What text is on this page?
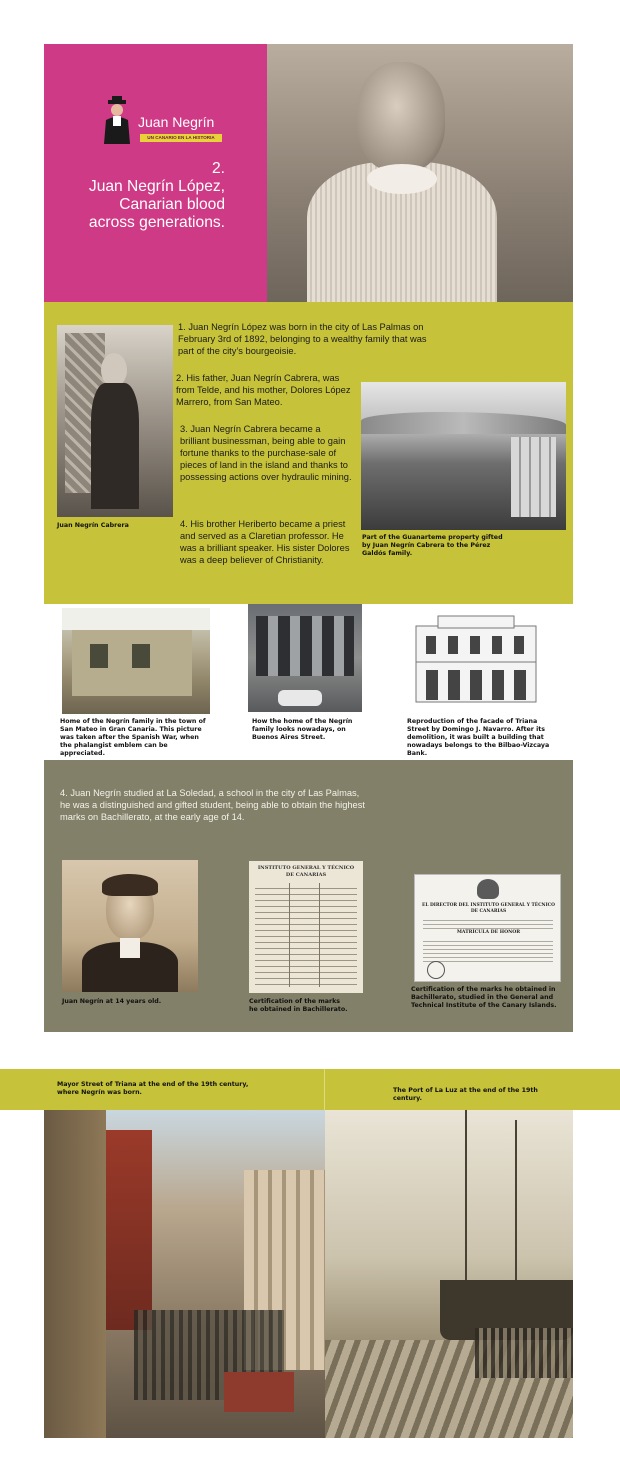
Juan Negrín
UN CANARIO EN LA HISTORIA
2.
Juan Negrín López,
Canarian blood
across generations.
Juan Negrín Cabrera
1. Juan Negrín López was born in the city of Las Palmas on February 3rd of 1892, belonging to a wealthy family that was part of the city’s bourgeoisie.
2. His father, Juan Negrín Cabrera, was from Telde, and his mother, Dolores López Marrero, from San Mateo.
3. Juan Negrín Cabrera became a brilliant businessman, being able to gain fortune thanks to the purchase-sale of pieces of land in the island and thanks to possessing actions over hydraulic mining.
4. His brother Heriberto became a priest and served as a Claretian professor. He was a brilliant speaker. His sister Dolores was a deep believer of Christianity.
Part of the Guanarteme property gifted by Juan Negrín Cabrera to the Pérez Galdós family.
Home of the Negrín family in the town of San Mateo in Gran Canaria. This picture was taken after the Spanish War, when the phalangist emblem can be appreciated.
How the home of the Negrín family looks nowadays, on Buenos Aires Street.
Reproduction of the facade of Triana Street by Domingo J. Navarro. After its demolition, it was built a building that nowadays belongs to the Bilbao-Vizcaya Bank.
4. Juan Negrín studied at La Soledad, a school in the city of Las Palmas, he was a distinguished and gifted student, being able to obtain the highest marks on Bachillerato, at the early age of 14.
Juan Negrín at 14 years old.
INSTITUTO GENERAL Y TÉCNICO
DE CANARIAS
Certification of the marks he obtained in Bachillerato.
EL DIRECTOR DEL INSTITUTO GENERAL Y TÉCNICO
DE CANARIAS
MATRÍCULA DE HONOR
Certification of the marks he obtained in Bachillerato, studied in the General and Technical Institute of the Canary Islands.
Mayor Street of Triana at the end of the 19th century, where Negrín was born.	The Port of La Luz at the end of the 19th century.
